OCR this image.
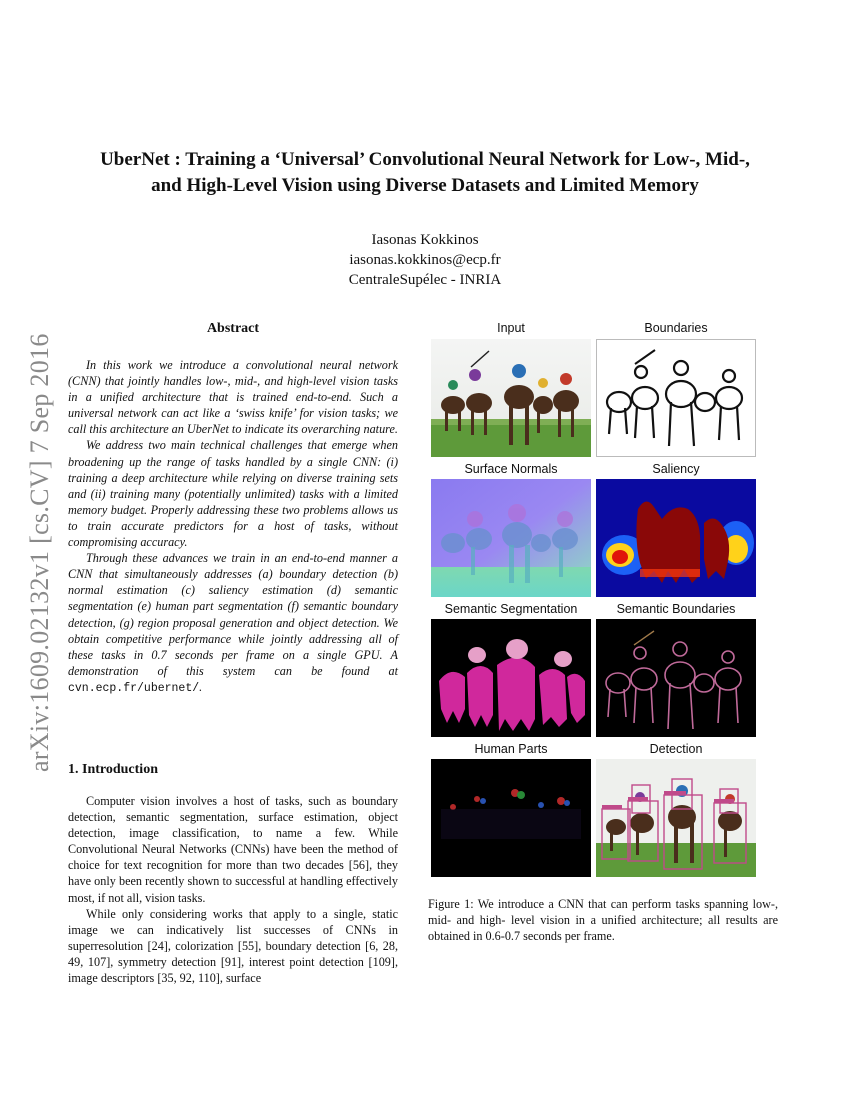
UberNet : Training a ‘Universal’ Convolutional Neural Network for Low-, Mid-,
and High-Level Vision using Diverse Datasets and Limited Memory
Iasonas Kokkinos
iasonas.kokkinos@ecp.fr
CentraleSupélec - INRIA
arXiv:1609.02132v1 [cs.CV] 7 Sep 2016
Abstract

In this work we introduce a convolutional neural network (CNN) that jointly handles low-, mid-, and high-level vision tasks in a unified architecture that is trained end-to-end. Such a universal network can act like a ‘swiss knife’ for vision tasks; we call this architecture an UberNet to indicate its overarching nature.

We address two main technical challenges that emerge when broadening up the range of tasks handled by a single CNN: (i) training a deep architecture while relying on diverse training sets and (ii) training many (potentially unlimited) tasks with a limited memory budget. Properly addressing these two problems allows us to train accurate predictors for a host of tasks, without compromising accuracy.

Through these advances we train in an end-to-end manner a CNN that simultaneously addresses (a) boundary detection (b) normal estimation (c) saliency estimation (d) semantic segmentation (e) human part segmentation (f) semantic boundary detection, (g) region proposal generation and object detection. We obtain competitive performance while jointly addressing all of these tasks in 0.7 seconds per frame on a single GPU. A demonstration of this system can be found at cvn.ecp.fr/ubernet/.

1. Introduction

Computer vision involves a host of tasks, such as boundary detection, semantic segmentation, surface estimation, object detection, image classification, to name a few. While Convolutional Neural Networks (CNNs) have been the method of choice for text recognition for more than two decades [56], they have only been recently shown to successful at handling effectively most, if not all, vision tasks.

While only considering works that apply to a single, static image we can indicatively list successes of CNNs in superresolution [24], colorization [55], boundary detection [6, 28, 49, 107], symmetry detection [91], interest point detection [109], image descriptors [35, 92, 110], surface

Input	Boundaries
Surface Normals	Saliency
Semantic Segmentation	Semantic Boundaries
Human Parts	Detection
Figure 1: We introduce a CNN that can perform tasks spanning low-, mid- and high- level vision in a unified architecture; all results are obtained in 0.6-0.7 seconds per frame.
